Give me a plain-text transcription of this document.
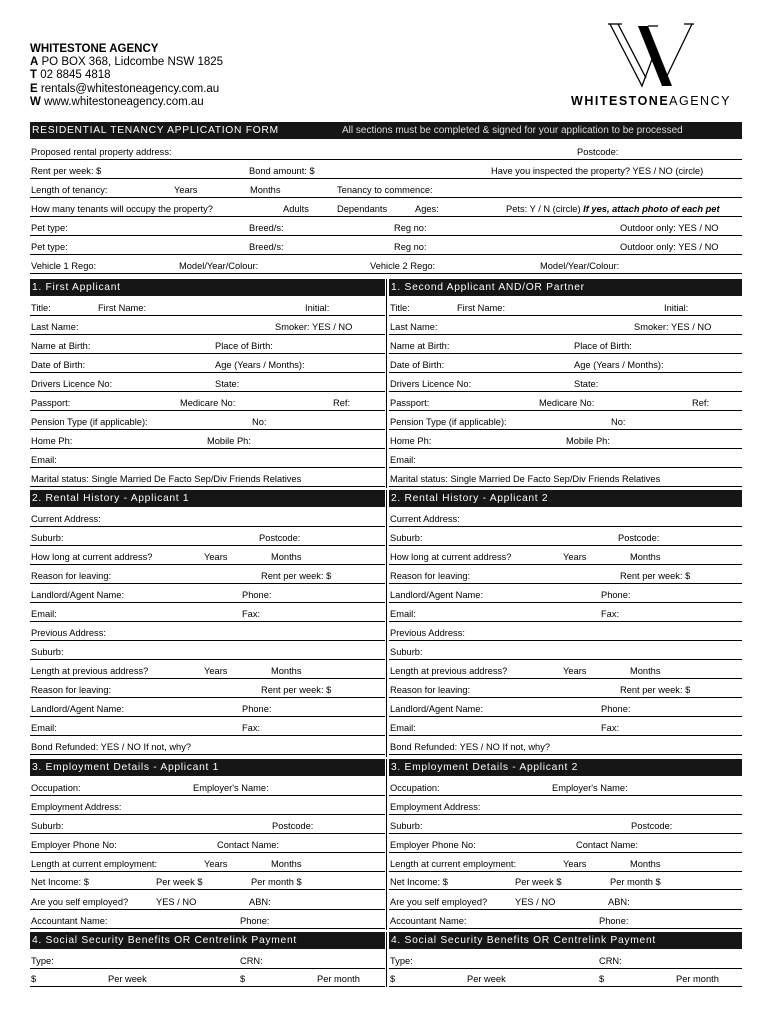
WHITESTONE AGENCY
A PO BOX 368, Lidcombe NSW 1825
T 02 8845 4818
E rentals@whitestoneagency.com.au
W www.whitestoneagency.com.au	WHITESTONEAGENCY
RESIDENTIAL TENANCY APPLICATION FORM	All sections must be completed & signed for your application to be processed
Proposed rental property address:	Postcode:
Rent per week: $	Bond amount: $	Have you inspected the property? YES / NO (circle)
Length of tenancy:	Years	Months	Tenancy to commence:
How many tenants will occupy the property?	Adults	Dependants	Ages:	Pets: Y / N (circle) If yes, attach photo of each pet
Pet type:	Breed/s:	Reg no:	Outdoor only: YES / NO
Pet type:	Breed/s:	Reg no:	Outdoor only: YES / NO
Vehicle 1 Rego:	Model/Year/Colour:	Vehicle 2 Rego:	Model/Year/Colour:
1. First Applicant	1. Second Applicant AND/OR Partner
Title:	First Name:	Initial:	Title:	First Name:	Initial:
Last Name:	Smoker: YES / NO	Last Name:	Smoker: YES / NO
Name at Birth:	Place of Birth:	Name at Birth:	Place of Birth:
Date of Birth:	Age (Years / Months):	Date of Birth:	Age (Years / Months):
Drivers Licence No:	State:	Drivers Licence No:	State:
Passport:	Medicare No:	Ref:	Passport:	Medicare No:	Ref:
Pension Type (if applicable):	No:	Pension Type (if applicable):	No:
Home Ph:	Mobile Ph:	Home Ph:	Mobile Ph:
Email:	Email:
Marital status: Single Married De Facto Sep/Div Friends Relatives	Marital status: Single Married De Facto Sep/Div Friends Relatives
2. Rental History - Applicant 1	2. Rental History - Applicant 2
Current Address:	Current Address:
Suburb:	Postcode:	Suburb:	Postcode:
How long at current address?	Years	Months	How long at current address?	Years	Months
Reason for leaving:	Rent per week: $	Reason for leaving:	Rent per week: $
Landlord/Agent Name:	Phone:	Landlord/Agent Name:	Phone:
Email:	Fax:	Email:	Fax:
Previous Address:	Previous Address:
Suburb:	Suburb:
Length at previous address?	Years	Months	Length at previous address?	Years	Months
Reason for leaving:	Rent per week: $	Reason for leaving:	Rent per week: $
Landlord/Agent Name:	Phone:	Landlord/Agent Name:	Phone:
Email:	Fax:	Email:	Fax:
Bond Refunded: YES / NO If not, why?	Bond Refunded: YES / NO If not, why?
3. Employment Details - Applicant 1	3. Employment Details - Applicant 2
Occupation:	Employer's Name:	Occupation:	Employer's Name:
Employment Address:	Employment Address:
Suburb:	Postcode:	Suburb:	Postcode:
Employer Phone No:	Contact Name:	Employer Phone No:	Contact Name:
Length at current employment:	Years	Months	Length at current employment:	Years	Months
Net Income: $	Per week $	Per month $	Net Income: $	Per week $	Per month $
Are you self employed?	YES / NO	ABN:	Are you self employed?	YES / NO	ABN:
Accountant Name:	Phone:	Accountant Name:	Phone:
4. Social Security Benefits OR Centrelink Payment	4. Social Security Benefits OR Centrelink Payment
Type:	CRN:	Type:	CRN:
$	Per week	$	Per month	$	Per week	$	Per month
